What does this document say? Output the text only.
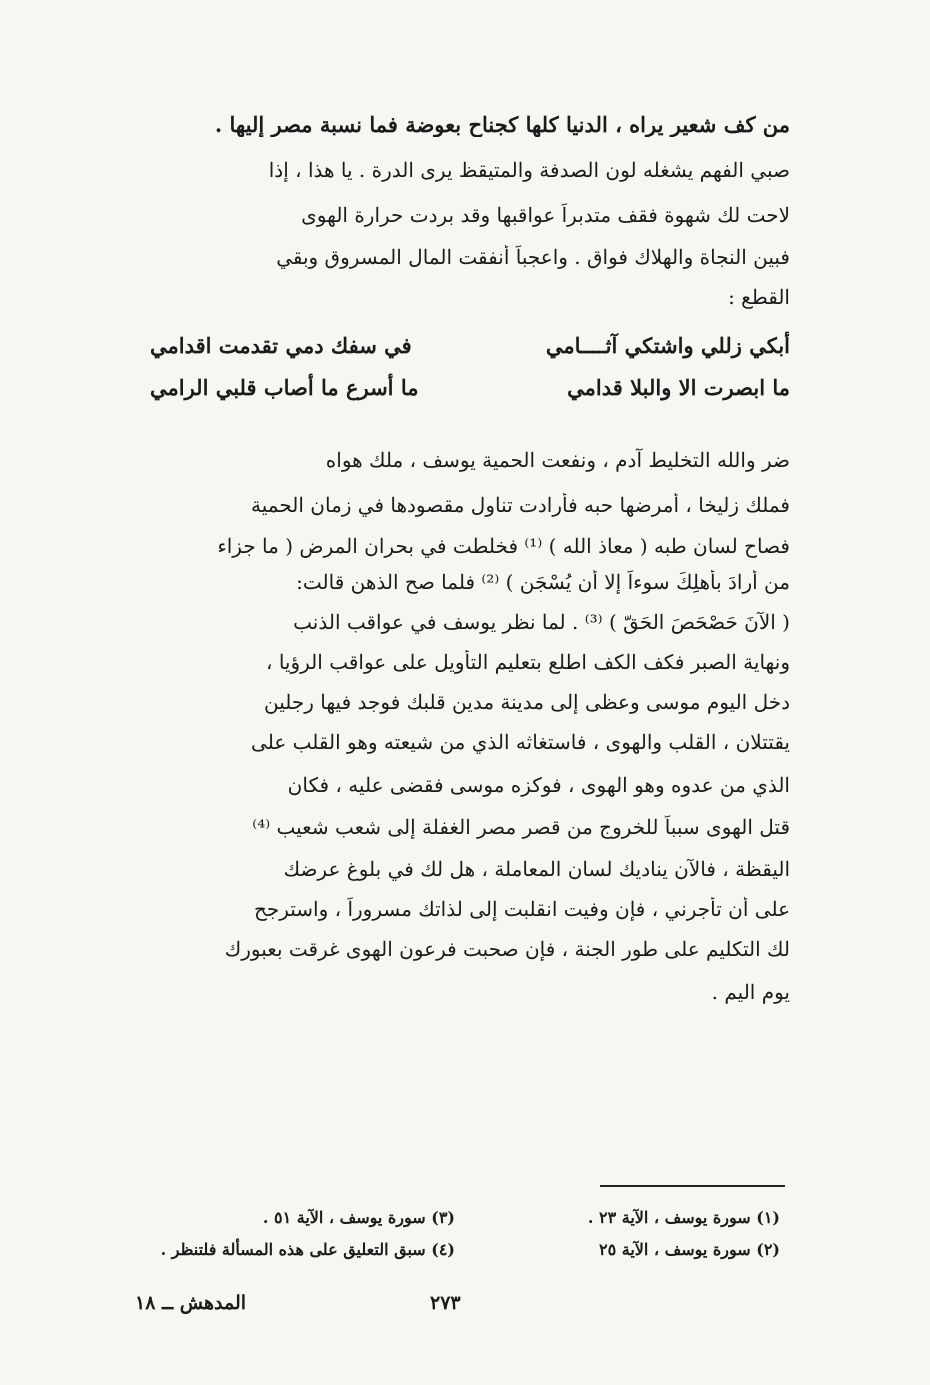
من كف شعير يراه ، الدنيا كلها كجناح بعوضة فما نسبة مصر إليها .
صبي الفهم يشغله لون الصدفة والمتيقظ يرى الدرة . يا هذا ، إذا
لاحت لك شهوة فقف متدبراً عواقبها وقد بردت حرارة الهوى
فبين النجاة والهلاك فواق . واعجباً أنفقت المال المسروق وبقي
القطع :
في سفك دمي تقدمت اقدامي	أبكي زللي واشتكي آثــــامي
ما أسرع ما أصاب قلبي الرامي	ما ابصرت الا والبلا قدامي
ضر والله التخليط آدم ، ونفعت الحمية يوسف ، ملك هواه
فملك زليخا ، أمرضها حبه فأرادت تناول مقصودها في زمان الحمية
فصاح لسان طبه ( معاذ الله ) ⁽¹⁾ فخلطت في بحران المرض ( ما جزاء
من أرادَ بأهلِكَ سوءاً إلا أن يُسْجَن ) ⁽²⁾ فلما صح الذهن قالت:
( الآنَ حَصْحَصَ الحَقّ ) ⁽³⁾ . لما نظر يوسف في عواقب الذنب
ونهاية الصبر فكف الكف اطلع بتعليم التأويل على عواقب الرؤيا ،
دخل اليوم موسى وعظى إلى مدينة مدين قلبك فوجد فيها رجلين
يقتتلان ، القلب والهوى ، فاستغاثه الذي من شيعته وهو القلب على
الذي من عدوه وهو الهوى ، فوكزه موسى فقضى عليه ، فكان
قتل الهوى سبباً للخروج من قصر مصر الغفلة إلى شعب شعيب ⁽⁴⁾
اليقظة ، فالآن يناديك لسان المعاملة ، هل لك في بلوغ عرضك
على أن تأجرني ، فإن وفيت انقلبت إلى لذاتك مسروراً ، واسترجح
لك التكليم على طور الجنة ، فإن صحبت فرعون الهوى غرقت بعبورك
يوم اليم .
(١) سورة يوسف ، الآية ٢٣ .
(٢) سورة يوسف ، الآية ٢٥
(٣) سورة يوسف ، الآية ٥١ .
(٤) سبق التعليق على هذه المسألة فلتنظر .
٢٧٣
المدهش ــ ١٨
